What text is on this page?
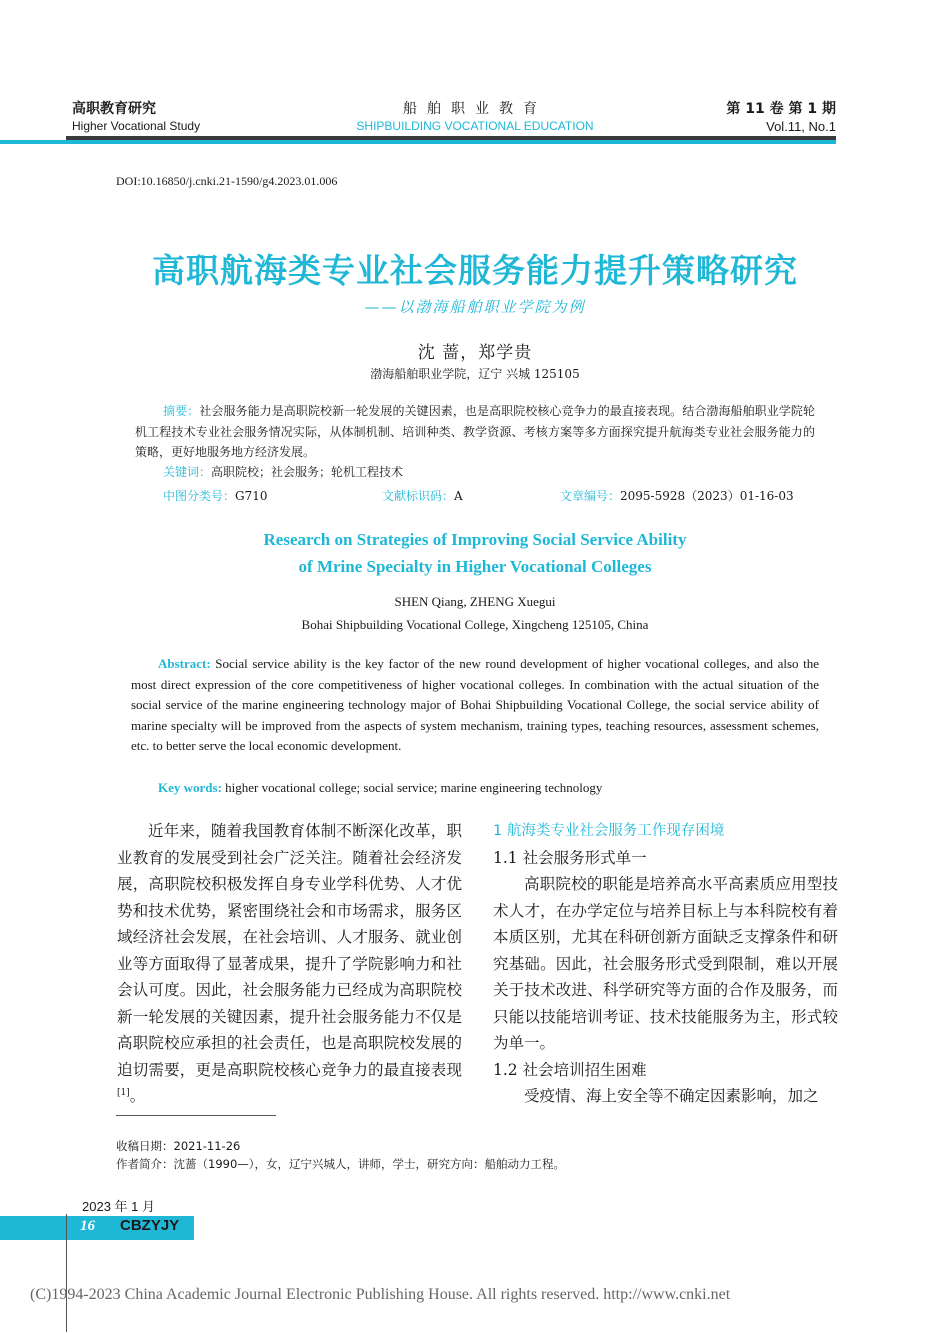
高职教育研究
Higher Vocational Study
船舶职业教育
SHIPBUILDING VOCATIONAL EDUCATION
第 11 卷 第 1 期
Vol.11, No.1
DOI:10.16850/j.cnki.21-1590/g4.2023.01.006
高职航海类专业社会服务能力提升策略研究
——以渤海船舶职业学院为例
沈 蔷，郑学贵
渤海船舶职业学院，辽宁 兴城 125105
摘要：社会服务能力是高职院校新一轮发展的关键因素，也是高职院校核心竞争力的最直接表现。结合渤海船舶职业学院轮机工程技术专业社会服务情况实际，从体制机制、培训种类、教学资源、考核方案等多方面探究提升航海类专业社会服务能力的策略，更好地服务地方经济发展。
关键词：高职院校；社会服务；轮机工程技术
中图分类号：G710	文献标识码：A	文章编号：2095-5928（2023）01-16-03
Research on Strategies of Improving Social Service Ability
of Mrine Specialty in Higher Vocational Colleges
SHEN Qiang, ZHENG Xuegui
Bohai Shipbuilding Vocational College, Xingcheng 125105, China
Abstract: Social service ability is the key factor of the new round development of higher vocational colleges, and also the most direct expression of the core competitiveness of higher vocational colleges. In combination with the actual situation of the social service of the marine engineering technology major of Bohai Shipbuilding Vocational College, the social service ability of marine specialty will be improved from the aspects of system mechanism, training types, teaching resources, assessment schemes, etc. to better serve the local economic development.
Key words: higher vocational college; social service; marine engineering technology

近年来，随着我国教育体制不断深化改革，职业教育的发展受到社会广泛关注。随着社会经济发展，高职院校积极发挥自身专业学科优势、人才优势和技术优势，紧密围绕社会和市场需求，服务区域经济社会发展，在社会培训、人才服务、就业创业等方面取得了显著成果，提升了学院影响力和社会认可度。因此，社会服务能力已经成为高职院校新一轮发展的关键因素，提升社会服务能力不仅是高职院校应承担的社会责任，也是高职院校发展的迫切需要，更是高职院校核心竞争力的最直接表现[1]。

1 航海类专业社会服务工作现存困境
1.1 社会服务形式单一

高职院校的职能是培养高水平高素质应用型技术人才，在办学定位与培养目标上与本科院校有着本质区别，尤其在科研创新方面缺乏支撑条件和研究基础。因此，社会服务形式受到限制，难以开展关于技术改进、科学研究等方面的合作及服务，而只能以技能培训考证、技术技能服务为主，形式较为单一。

1.2 社会培训招生困难

受疫情、海上安全等不确定因素影响，加之

收稿日期：2021-11-26
作者简介：沈蔷（1990—），女，辽宁兴城人，讲师，学士，研究方向：船舶动力工程。
2023 年 1 月
16 CBZYJY
(C)1994-2023 China Academic Journal Electronic Publishing House. All rights reserved. http://www.cnki.net
